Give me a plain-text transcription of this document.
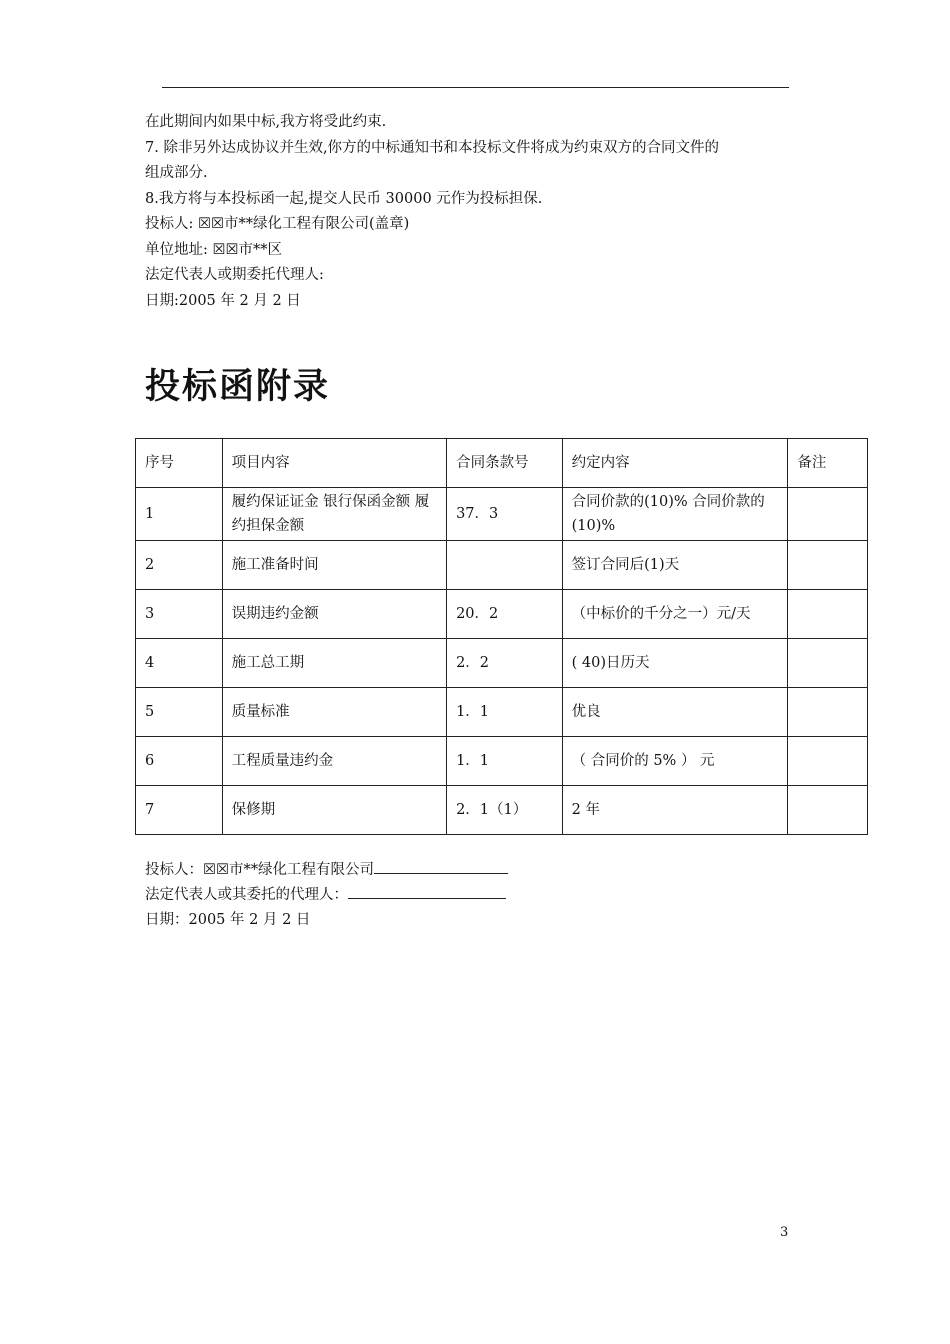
在此期间内如果中标,我方将受此约束.

7. 除非另外达成协议并生效,你方的中标通知书和本投标文件将成为约束双方的合同文件的

组成部分.

8.我方将与本投标函一起,提交人民币 30000 元作为投标担保.

投标人: ☒☒市**绿化工程有限公司(盖章)

单位地址: ☒☒市**区

法定代表人或期委托代理人:

日期:2005 年 2 月 2 日

投标函附录
序号	项目内容	合同条款号	约定内容	备注
1	履约保证证金 银行保函金额 履约担保金额	37．3	合同价款的(10)% 合同价款的(10)%	
2	施工准备时间		签订合同后(1)天	
3	误期违约金额	20．2	（中标价的千分之一）元/天	
4	施工总工期	2．2	( 40)日历天	
5	质量标准	1．1	优良	
6	工程质量违约金	1．1	（ 合同价的 5% ） 元	
7	保修期	2．1（1）	2 年	

投标人：☒☒市**绿化工程有限公司

法定代表人或其委托的代理人：

日期：2005 年 2 月 2 日

3
